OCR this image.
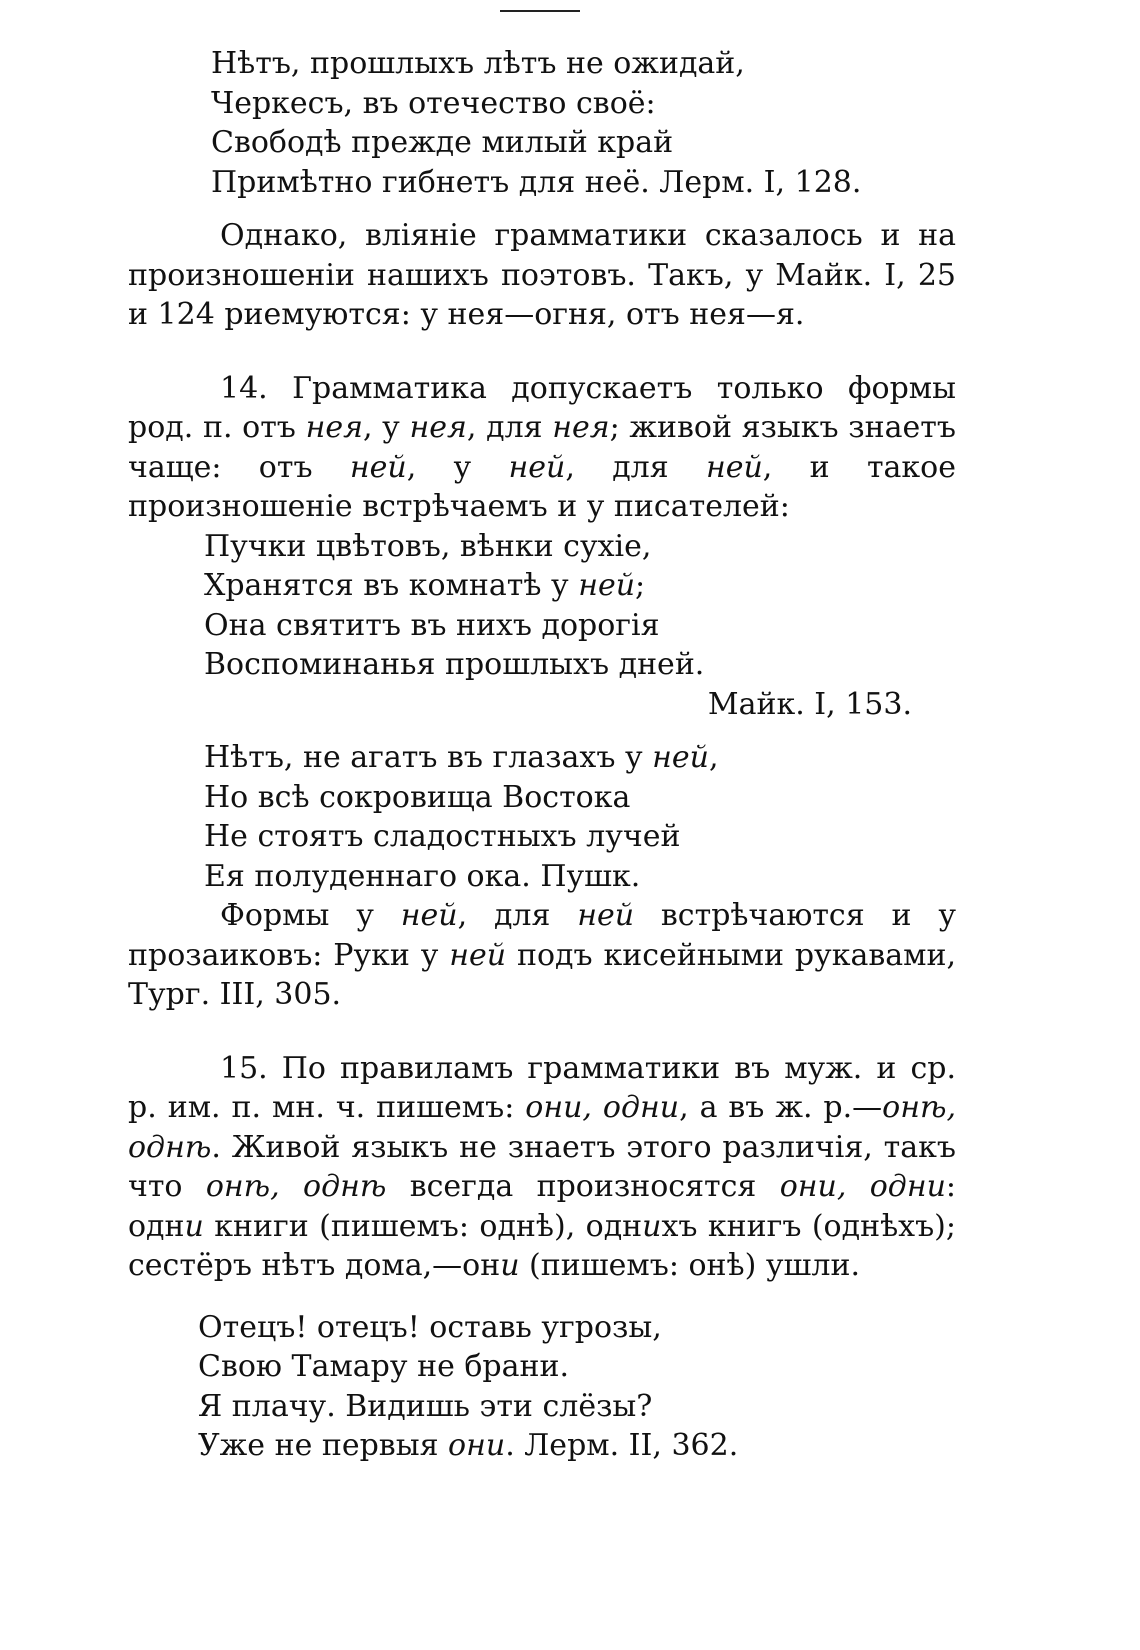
Нѣтъ, прошлыхъ лѣтъ не ожидай,
Черкесъ, въ отечество своё:
Свободѣ прежде милый край
Примѣтно гибнетъ для неё. Лерм. I, 128.

Однако, вліяніе грамматики сказалось и на произношеніи нашихъ поэтовъ. Такъ, у Майк. I, 25 и 124 риемуются: у нея—огня, отъ нея—я.

14. Грамматика допускаетъ только формы род. п. отъ нея, у нея, для нея; живой языкъ знаетъ чаще: отъ ней, у ней, для ней, и такое произношеніе встрѣчаемъ и у писателей:

Пучки цвѣтовъ, вѣнки сухіе,
Хранятся въ комнатѣ у ней;
Она святитъ въ нихъ дорогія
Воспоминанья прошлыхъ дней.
Майк. I, 153.
Нѣтъ, не агатъ въ глазахъ у ней,
Но всѣ сокровища Востока
Не стоятъ сладостныхъ лучей
Ея полуденнаго ока. Пушк.

Формы у ней, для ней встрѣчаются и у прозаиковъ: Руки у ней подъ кисейными рукавами, Тург. III, 305.

15. По правиламъ грамматики въ муж. и ср. р. им. п. мн. ч. пишемъ: они, одни, а въ ж. р.—онѣ, однѣ. Живой языкъ не знаетъ этого различія, такъ что онѣ, однѣ всегда произносятся они, одни: одни книги (пишемъ: однѣ), однихъ книгъ (однѣхъ); сестёръ нѣтъ дома,—они (пишемъ: онѣ) ушли.

Отецъ! отецъ! оставь угрозы,
Свою Тамару не брани.
Я плачу. Видишь эти слёзы?
Уже не первыя они. Лерм. II, 362.
